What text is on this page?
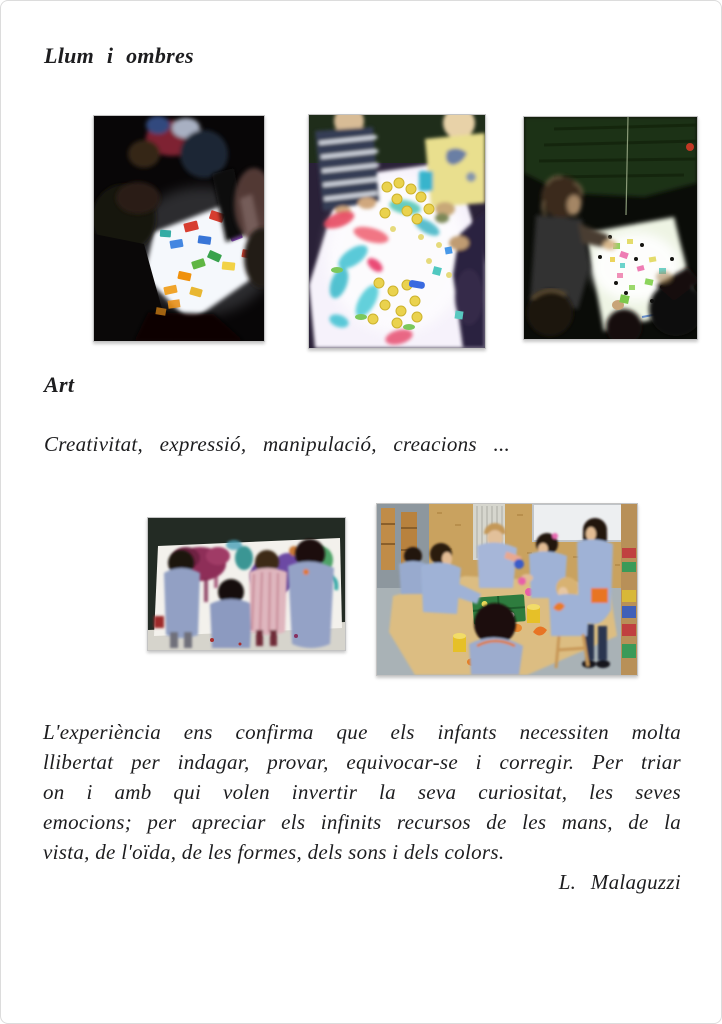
Llum i ombres
Art
Creativitat, expressió, manipulació, creacions ...
L'experiència ens confirma que els infants necessiten molta
llibertat per indagar, provar, equivocar-se i corregir. Per triar
on i amb qui volen invertir la seva curiositat, les seves
emocions; per apreciar els infinits recursos de les mans, de la
vista, de l'oïda, de les formes, dels sons i dels colors.
L. Malaguzzi
